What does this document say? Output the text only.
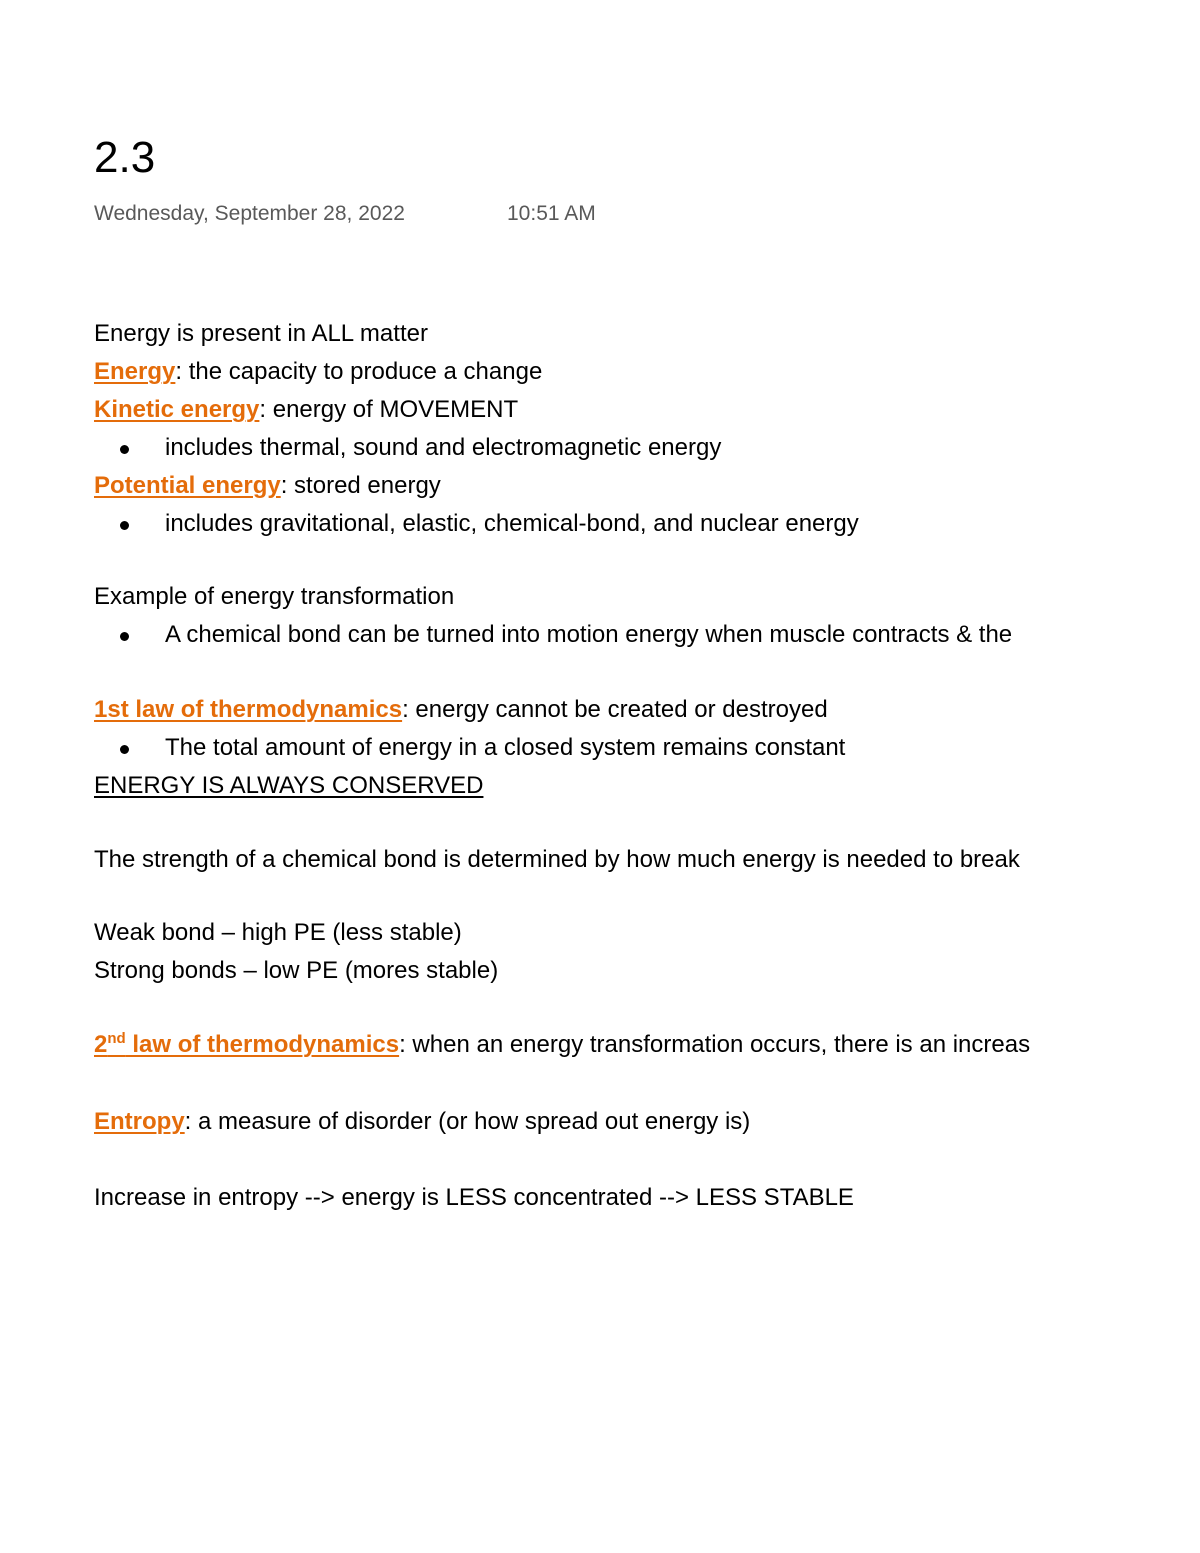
2.3
Wednesday, September 28, 2022	10:51 AM
Energy is present in ALL matter
Energy: the capacity to produce a change
Kinetic energy: energy of MOVEMENT
includes thermal, sound and electromagnetic energy
Potential energy: stored energy
includes gravitational, elastic, chemical-bond, and nuclear energy
Example of energy transformation
A chemical bond can be turned into motion energy when muscle contracts & the
1st law of thermodynamics: energy cannot be created or destroyed
The total amount of energy in a closed system remains constant
ENERGY IS ALWAYS CONSERVED
The strength of a chemical bond is determined by how much energy is needed to break
Weak bond – high PE (less stable)
Strong bonds – low PE (mores stable)
2nd law of thermodynamics: when an energy transformation occurs, there is an increas
Entropy: a measure of disorder (or how spread out energy is)
Increase in entropy --> energy is LESS concentrated --> LESS STABLE
